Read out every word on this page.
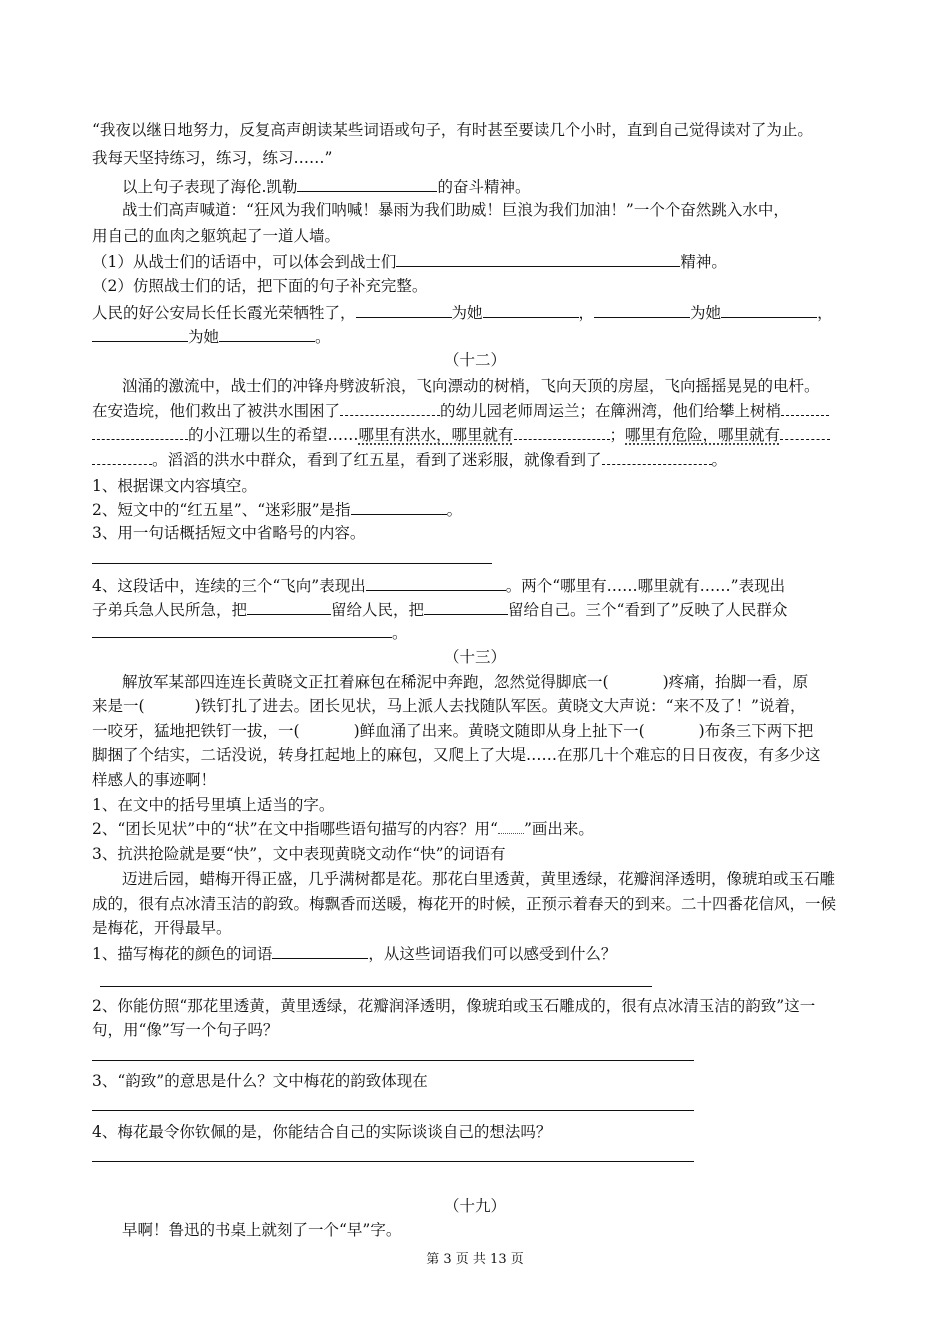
“我夜以继日地努力，反复高声朗读某些词语或句子，有时甚至要读几个小时，直到自己觉得读对了为止。
我每天坚持练习，练习，练习……”
以上句子表现了海伦.凯勒	的奋斗精神。
战士们高声喊道：“狂风为我们呐喊！暴雨为我们助威！巨浪为我们加油！”一个个奋然跳入水中，
用自己的血肉之躯筑起了一道人墙。
（1）从战士们的话语中，可以体会到战士们	精神。
（2）仿照战士们的话，把下面的句子补充完整。
人民的好公安局长任长霞光荣牺牲了，	为她	，	为她	，
为她	。
（十二）
汹涌的激流中，战士们的冲锋舟劈波斩浪，飞向漂动的树梢，飞向天顶的房屋，飞向摇摇晃晃的电杆。
在安造垸，他们救出了被洪水围困了	的幼儿园老师周运兰；在簰洲湾，他们给攀上树梢
的小江珊以生的希望……哪里有洪水，哪里就有	；哪里有危险，哪里就有
。滔滔的洪水中群众，看到了红五星，看到了迷彩服，就像看到了	。
1、根据课文内容填空。
2、短文中的“红五星”、“迷彩服”是指	。
3、用一句话概括短文中省略号的内容。
4、这段话中，连续的三个“飞向”表现出	。两个“哪里有……哪里就有……”表现出
子弟兵急人民所急，把	留给人民，把	留给自己。三个“看到了”反映了人民群众
。
（十三）
解放军某部四连连长黄晓文正扛着麻包在稀泥中奔跑，忽然觉得脚底一(	)疼痛，抬脚一看，原
来是一(	)铁钉扎了进去。团长见状，马上派人去找随队军医。黄晓文大声说：“来不及了！”说着，
一咬牙，猛地把铁钉一拔，一(	)鲜血涌了出来。黄晓文随即从身上扯下一(	)布条三下两下把
脚捆了个结实，二话没说，转身扛起地上的麻包，又爬上了大堤……在那几十个难忘的日日夜夜，有多少这
样感人的事迹啊！
1、在文中的括号里填上适当的字。
2、“团长见状”中的“状”在文中指哪些语句描写的内容？用“ ”画出来。
3、抗洪抢险就是要“快”，文中表现黄晓文动作“快”的词语有
迈进后园，蜡梅开得正盛，几乎满树都是花。那花白里透黄，黄里透绿，花瓣润泽透明，像琥珀或玉石雕
成的，很有点冰清玉洁的韵致。梅飘香而送暖，梅花开的时候，正预示着春天的到来。二十四番花信风，一候
是梅花，开得最早。
1、描写梅花的颜色的词语	，从这些词语我们可以感受到什么？
2、你能仿照“那花里透黄，黄里透绿，花瓣润泽透明，像琥珀或玉石雕成的，很有点冰清玉洁的韵致”这一
句，用“像”写一个句子吗？
3、“韵致”的意思是什么？文中梅花的韵致体现在
4、梅花最令你钦佩的是，你能结合自己的实际谈谈自己的想法吗？
（十九）
早啊！鲁迅的书桌上就刻了一个“早”字。
第 3 页 共 13 页
